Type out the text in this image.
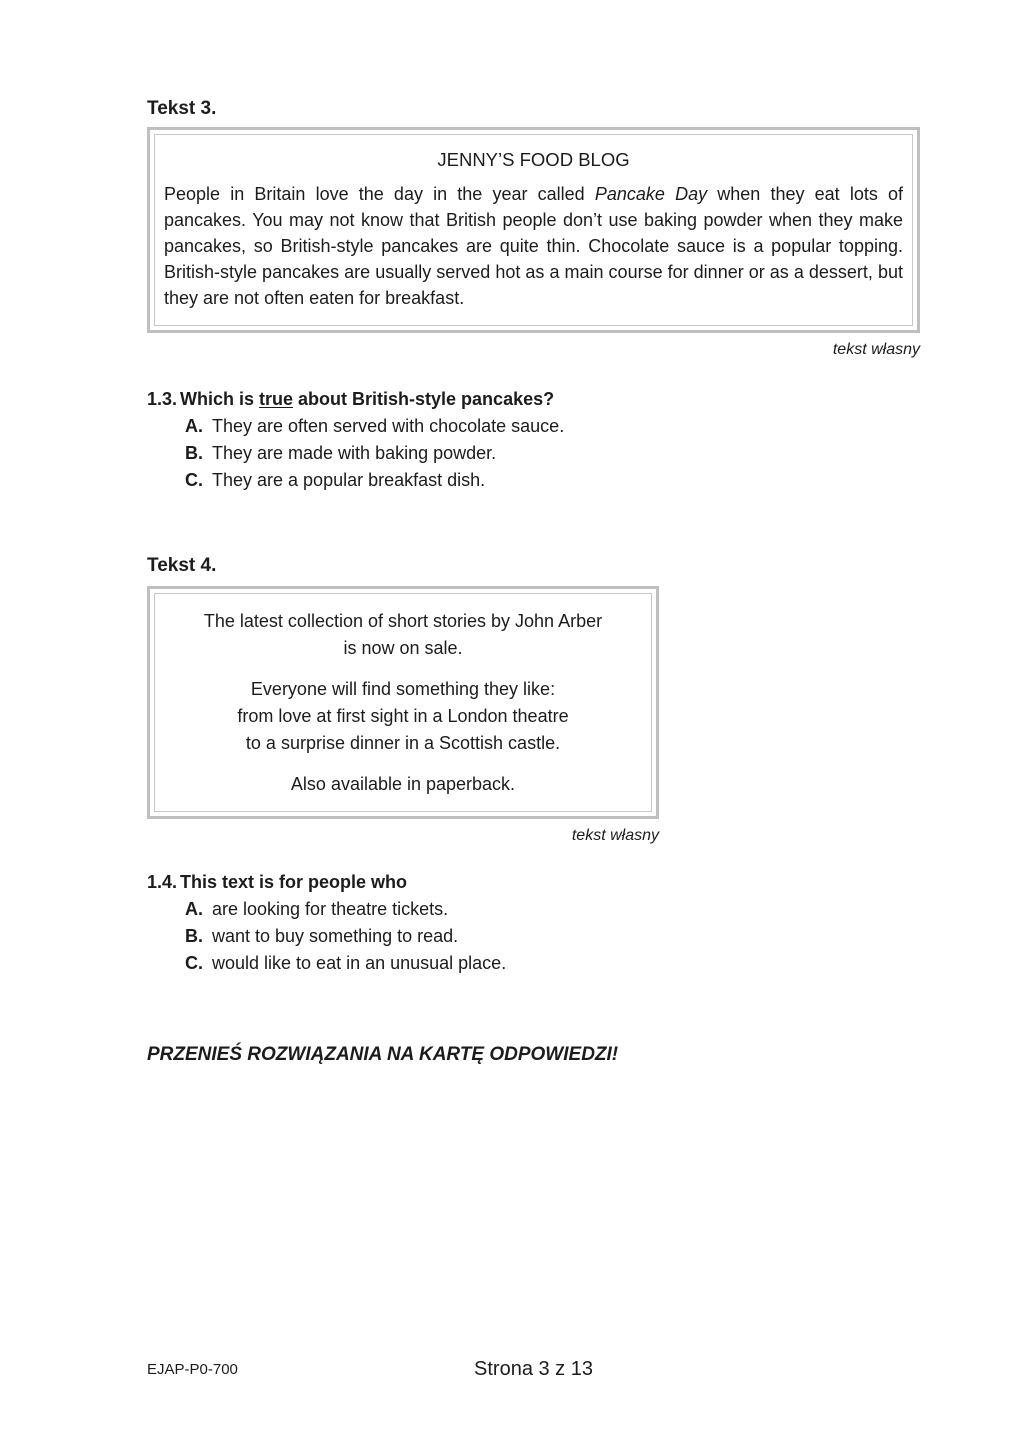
Tekst 3.
JENNY’S FOOD BLOG
People in Britain love the day in the year called Pancake Day when they eat lots of pancakes. You may not know that British people don’t use baking powder when they make pancakes, so British-style pancakes are quite thin. Chocolate sauce is a popular topping. British-style pancakes are usually served hot as a main course for dinner or as a dessert, but they are not often eaten for breakfast.
tekst własny
1.3. Which is true about British-style pancakes?
A. They are often served with chocolate sauce.
B. They are made with baking powder.
C. They are a popular breakfast dish.
Tekst 4.
The latest collection of short stories by John Arber
is now on sale.
Everyone will find something they like:
from love at first sight in a London theatre
to a surprise dinner in a Scottish castle.
Also available in paperback.
tekst własny
1.4. This text is for people who
A. are looking for theatre tickets.
B. want to buy something to read.
C. would like to eat in an unusual place.
PRZENIEŚ ROZWIĄZANIA NA KARTĘ ODPOWIEDZI!
EJAP-P0-700	Strona 3 z 13
